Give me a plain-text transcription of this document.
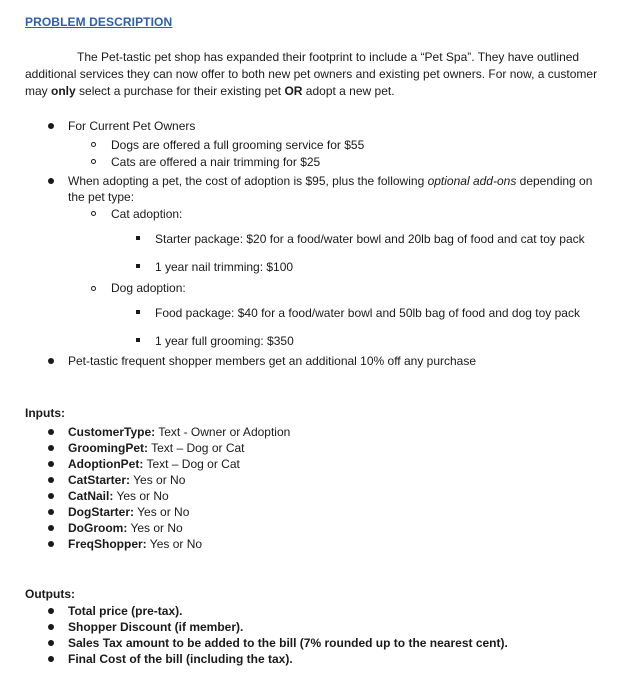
PROBLEM DESCRIPTION
The Pet-tastic pet shop has expanded their footprint to include a “Pet Spa”. They have outlined additional services they can now offer to both new pet owners and existing pet owners. For now, a customer may only select a purchase for their existing pet OR adopt a new pet.
For Current Pet Owners
Dogs are offered a full grooming service for $55
Cats are offered a nair trimming for $25
When adopting a pet, the cost of adoption is $95, plus the following optional add-ons depending on
the pet type:
Cat adoption:
Starter package: $20 for a food/water bowl and 20lb bag of food and cat toy pack
1 year nail trimming: $100
Dog adoption:
Food package: $40 for a food/water bowl and 50lb bag of food and dog toy pack
1 year full grooming: $350
Pet-tastic frequent shopper members get an additional 10% off any purchase
Inputs:
CustomerType: Text - Owner or Adoption
GroomingPet: Text – Dog or Cat
AdoptionPet: Text – Dog or Cat
CatStarter: Yes or No
CatNail: Yes or No
DogStarter: Yes or No
DoGroom: Yes or No
FreqShopper: Yes or No
Outputs:
Total price (pre-tax).
Shopper Discount (if member).
Sales Tax amount to be added to the bill (7% rounded up to the nearest cent).
Final Cost of the bill (including the tax).
